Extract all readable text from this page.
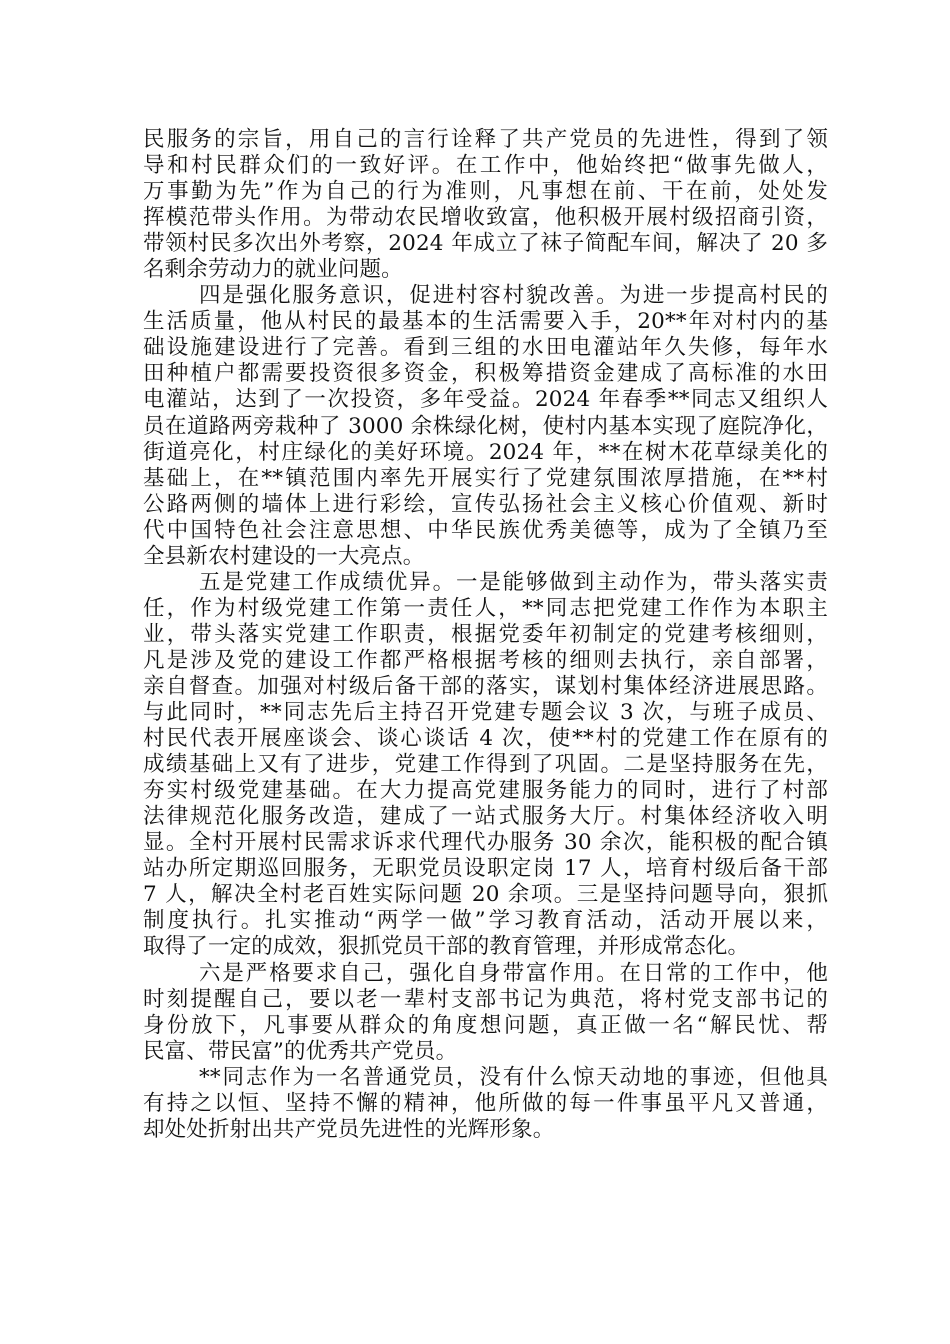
民服务的宗旨，用自己的言行诠释了共产党员的先进性，得到了领
导和村民群众们的一致好评。在工作中，他始终把“做事先做人，
万事勤为先”作为自己的行为准则，凡事想在前、干在前，处处发
挥模范带头作用。为带动农民增收致富，他积极开展村级招商引资，
带领村民多次出外考察，2024 年成立了袜子简配车间，解决了 20 多
名剩余劳动力的就业问题。
四是强化服务意识，促进村容村貌改善。为进一步提高村民的
生活质量，他从村民的最基本的生活需要入手，20**年对村内的基
础设施建设进行了完善。看到三组的水田电灌站年久失修，每年水
田种植户都需要投资很多资金，积极筹措资金建成了高标准的水田
电灌站，达到了一次投资，多年受益。2024 年春季**同志又组织人
员在道路两旁栽种了 3000 余株绿化树，使村内基本实现了庭院净化，
街道亮化，村庄绿化的美好环境。2024 年，**在树木花草绿美化的
基础上，在**镇范围内率先开展实行了党建氛围浓厚措施，在**村
公路两侧的墙体上进行彩绘，宣传弘扬社会主义核心价值观、新时
代中国特色社会注意思想、中华民族优秀美德等，成为了全镇乃至
全县新农村建设的一大亮点。
五是党建工作成绩优异。一是能够做到主动作为，带头落实责
任，作为村级党建工作第一责任人，**同志把党建工作作为本职主
业，带头落实党建工作职责，根据党委年初制定的党建考核细则，
凡是涉及党的建设工作都严格根据考核的细则去执行，亲自部署，
亲自督查。加强对村级后备干部的落实，谋划村集体经济进展思路。
与此同时，**同志先后主持召开党建专题会议 3 次，与班子成员、
村民代表开展座谈会、谈心谈话 4 次，使**村的党建工作在原有的
成绩基础上又有了进步，党建工作得到了巩固。二是坚持服务在先，
夯实村级党建基础。在大力提高党建服务能力的同时，进行了村部
法律规范化服务改造，建成了一站式服务大厅。村集体经济收入明
显。全村开展村民需求诉求代理代办服务 30 余次，能积极的配合镇
站办所定期巡回服务，无职党员设职定岗 17 人，培育村级后备干部
7 人，解决全村老百姓实际问题 20 余项。三是坚持问题导向，狠抓
制度执行。扎实推动“两学一做”学习教育活动，活动开展以来，
取得了一定的成效，狠抓党员干部的教育管理，并形成常态化。
六是严格要求自己，强化自身带富作用。在日常的工作中，他
时刻提醒自己，要以老一辈村支部书记为典范，将村党支部书记的
身份放下，凡事要从群众的角度想问题，真正做一名“解民忧、帮
民富、带民富”的优秀共产党员。
**同志作为一名普通党员，没有什么惊天动地的事迹，但他具
有持之以恒、坚持不懈的精神，他所做的每一件事虽平凡又普通，
却处处折射出共产党员先进性的光辉形象。
